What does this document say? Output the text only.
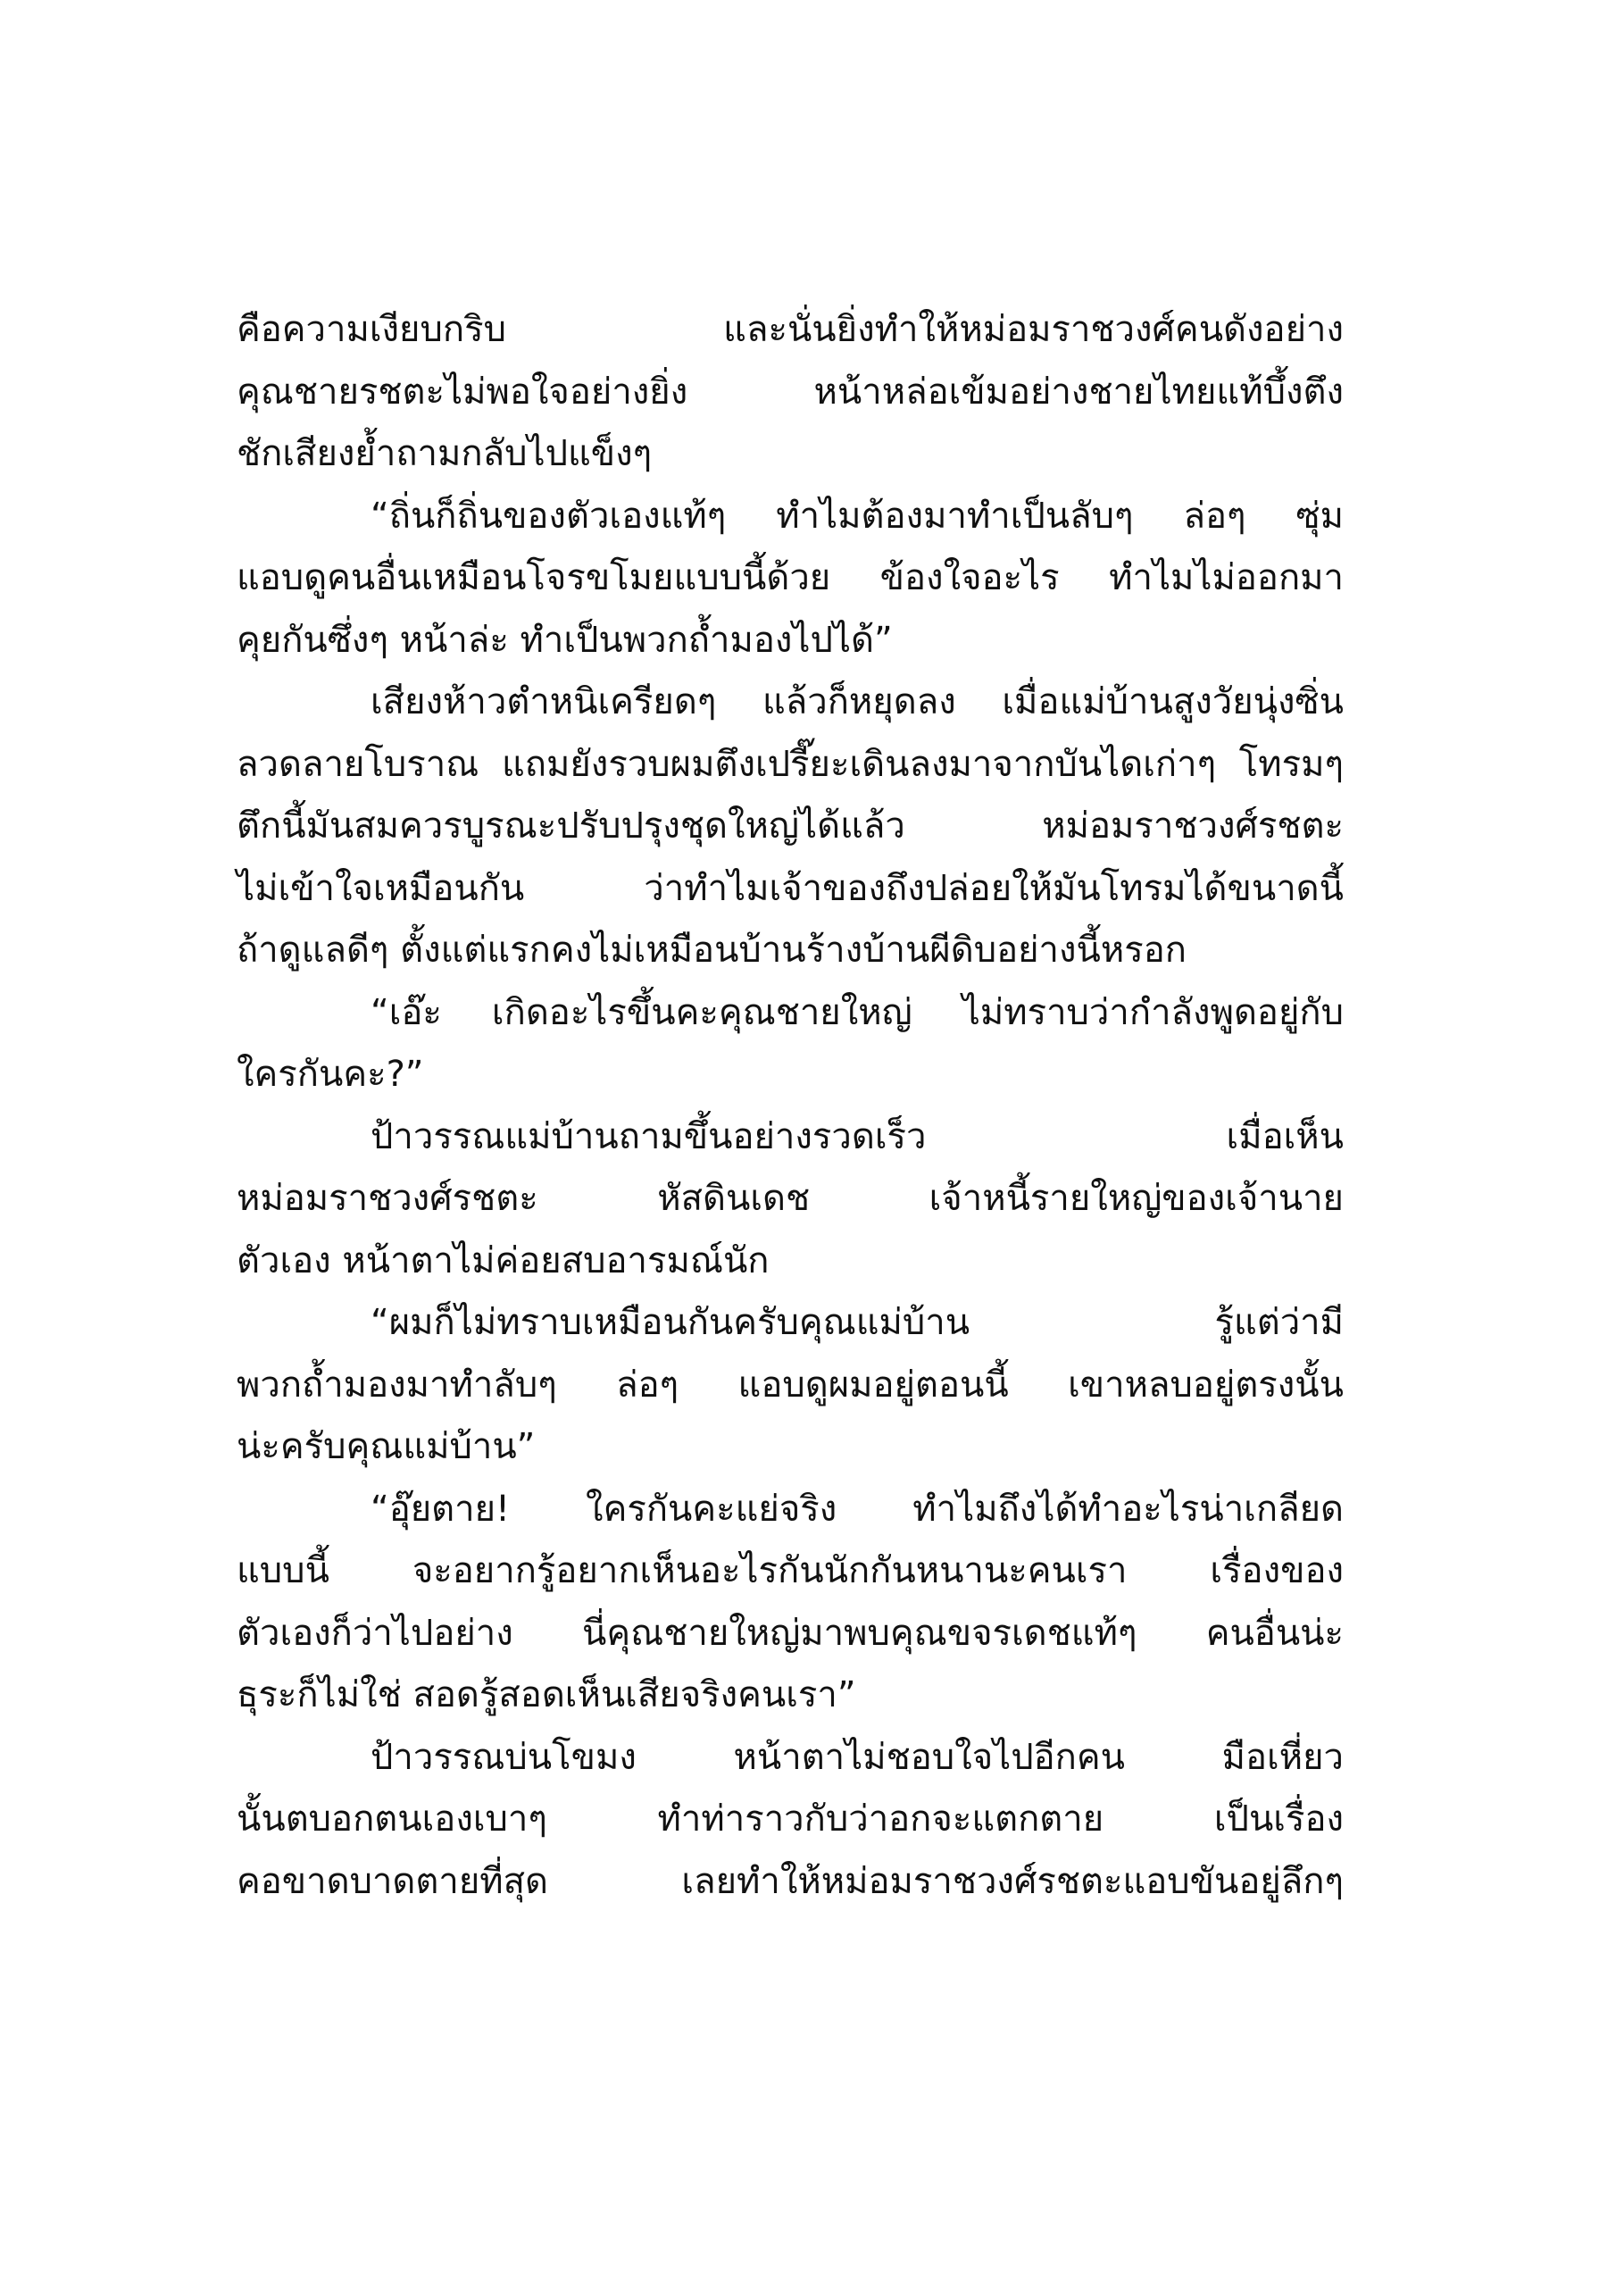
คือความเงียบกริบ และนั่นยิ่งทำให้หม่อมราชวงศ์คนดังอย่าง
คุณชายรชตะไม่พอใจอย่างยิ่ง หน้าหล่อเข้มอย่างชายไทยแท้บึ้งตึง
ชักเสียงย้ำถามกลับไปแข็งๆ
“ถิ่นก็ถิ่นของตัวเองแท้ๆ ทำไมต้องมาทำเป็นลับๆ ล่อๆ ซุ่ม
แอบดูคนอื่นเหมือนโจรขโมยแบบนี้ด้วย ข้องใจอะไร ทำไมไม่ออกมา
คุยกันซึ่งๆ หน้าล่ะ ทำเป็นพวกถ้ำมองไปได้”
เสียงห้าวตำหนิเครียดๆ แล้วก็หยุดลง เมื่อแม่บ้านสูงวัยนุ่งซิ่น
ลวดลายโบราณ แถมยังรวบผมตึงเปรี๊ยะเดินลงมาจากบันไดเก่าๆ โทรมๆ
ตึกนี้มันสมควรบูรณะปรับปรุงชุดใหญ่ได้แล้ว หม่อมราชวงศ์รชตะ
ไม่เข้าใจเหมือนกัน ว่าทำไมเจ้าของถึงปล่อยให้มันโทรมได้ขนาดนี้
ถ้าดูแลดีๆ ตั้งแต่แรกคงไม่เหมือนบ้านร้างบ้านผีดิบอย่างนี้หรอก
“เอ๊ะ เกิดอะไรขึ้นคะคุณชายใหญ่ ไม่ทราบว่ากำลังพูดอยู่กับ
ใครกันคะ?”
ป้าวรรณแม่บ้านถามขึ้นอย่างรวดเร็ว เมื่อเห็น
หม่อมราชวงศ์รชตะ หัสดินเดช เจ้าหนี้รายใหญ่ของเจ้านาย
ตัวเอง หน้าตาไม่ค่อยสบอารมณ์นัก
“ผมก็ไม่ทราบเหมือนกันครับคุณแม่บ้าน รู้แต่ว่ามี
พวกถ้ำมองมาทำลับๆ ล่อๆ แอบดูผมอยู่ตอนนี้ เขาหลบอยู่ตรงนั้น
น่ะครับคุณแม่บ้าน”
“อุ๊ยตาย! ใครกันคะแย่จริง ทำไมถึงได้ทำอะไรน่าเกลียด
แบบนี้ จะอยากรู้อยากเห็นอะไรกันนักกันหนานะคนเรา เรื่องของ
ตัวเองก็ว่าไปอย่าง นี่คุณชายใหญ่มาพบคุณขจรเดชแท้ๆ คนอื่นน่ะ
ธุระก็ไม่ใช่ สอดรู้สอดเห็นเสียจริงคนเรา”
ป้าวรรณบ่นโขมง หน้าตาไม่ชอบใจไปอีกคน มือเหี่ยว
นั้นตบอกตนเองเบาๆ ทำท่าราวกับว่าอกจะแตกตาย เป็นเรื่อง
คอขาดบาดตายที่สุด เลยทำให้หม่อมราชวงศ์รชตะแอบขันอยู่ลึกๆ
